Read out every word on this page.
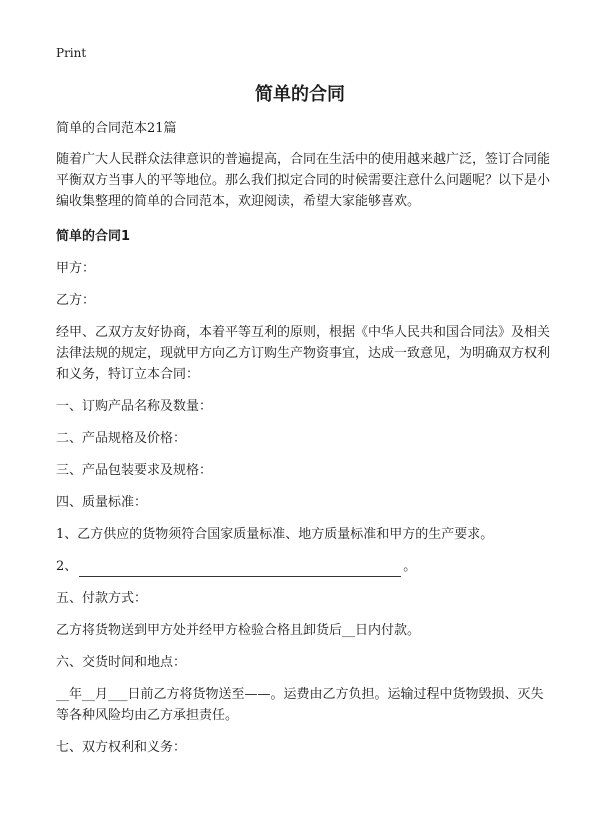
Print
简单的合同

简单的合同范本21篇

随着广大人民群众法律意识的普遍提高，合同在生活中的使用越来越广泛，签订合同能平衡双方当事人的平等地位。那么我们拟定合同的时候需要注意什么问题呢？以下是小编收集整理的简单的合同范本，欢迎阅读，希望大家能够喜欢。

简单的合同1

甲方：

乙方：

经甲、乙双方友好协商，本着平等互利的原则，根据《中华人民共和国合同法》及相关法律法规的规定，现就甲方向乙方订购生产物资事宜，达成一致意见，为明确双方权利和义务，特订立本合同：

一、订购产品名称及数量：

二、产品规格及价格：

三、产品包装要求及规格：

四、质量标准：

1、乙方供应的货物须符合国家质量标准、地方质量标准和甲方的生产要求。

2、	。

五、付款方式：

乙方将货物送到甲方处并经甲方检验合格且卸货后__日内付款。

六、交货时间和地点：

__年__月___日前乙方将货物送至——。运费由乙方负担。运输过程中货物毁损、灭失等各种风险均由乙方承担责任。

七、双方权利和义务：
